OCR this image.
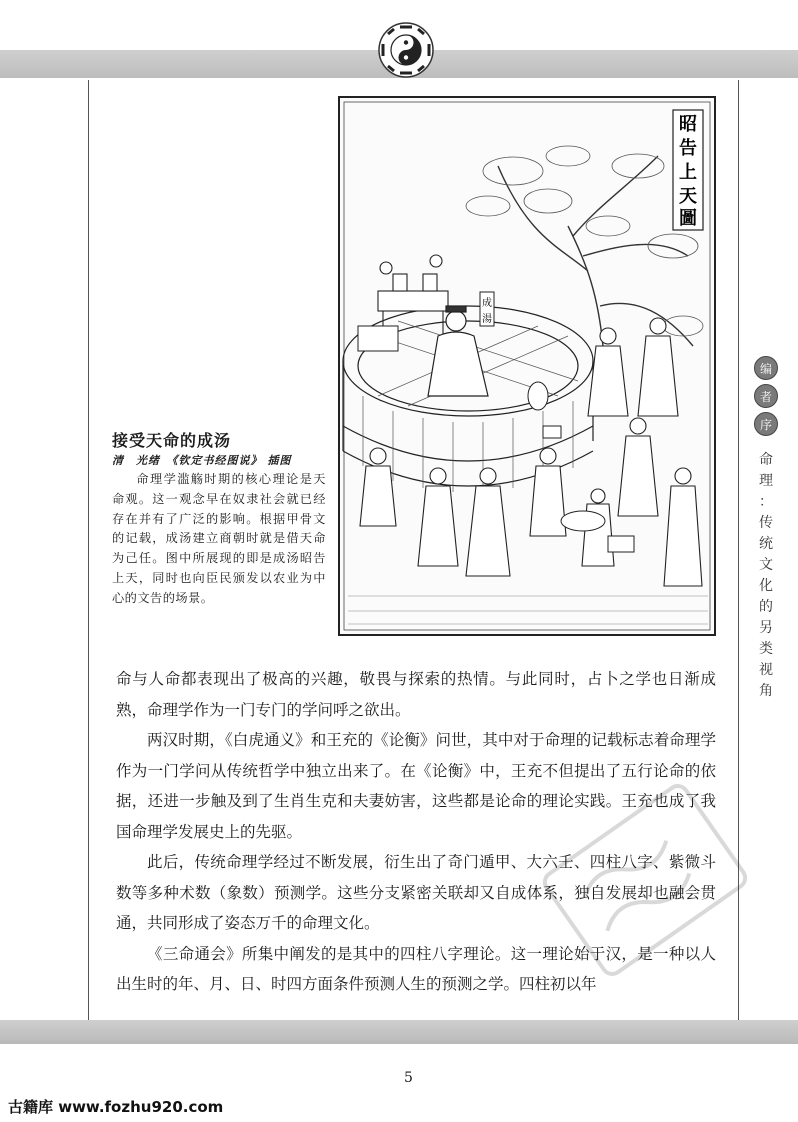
昭
告
上
天
圖
成
湯
接受天命的成汤
清　光绪　《钦定书经图说》 插图
命理学滥觞时期的核心理论是天命观。这一观念早在奴隶社会就已经存在并有了广泛的影响。根据甲骨文的记载，成汤建立商朝时就是借天命为己任。图中所展现的即是成汤昭告上天，同时也向臣民颁发以农业为中心的文告的场景。
编
者
序
命
理
：
传
统
文
化
的
另
类
视
角

命与人命都表现出了极高的兴趣，敬畏与探索的热情。与此同时，占卜之学也日渐成熟，命理学作为一门专门的学问呼之欲出。

两汉时期，《白虎通义》和王充的《论衡》问世，其中对于命理的记载标志着命理学作为一门学问从传统哲学中独立出来了。在《论衡》中，王充不但提出了五行论命的依据，还进一步触及到了生肖生克和夫妻妨害，这些都是论命的理论实践。王充也成了我国命理学发展史上的先驱。

此后，传统命理学经过不断发展，衍生出了奇门遁甲、大六壬、四柱八字、紫微斗数等多种术数（象数）预测学。这些分支紧密关联却又自成体系，独自发展却也融会贯通，共同形成了姿态万千的命理文化。

《三命通会》所集中阐发的是其中的四柱八字理论。这一理论始于汉，是一种以人出生时的年、月、日、时四方面条件预测人生的预测之学。四柱初以年

5
古籍库 www.fozhu920.com
